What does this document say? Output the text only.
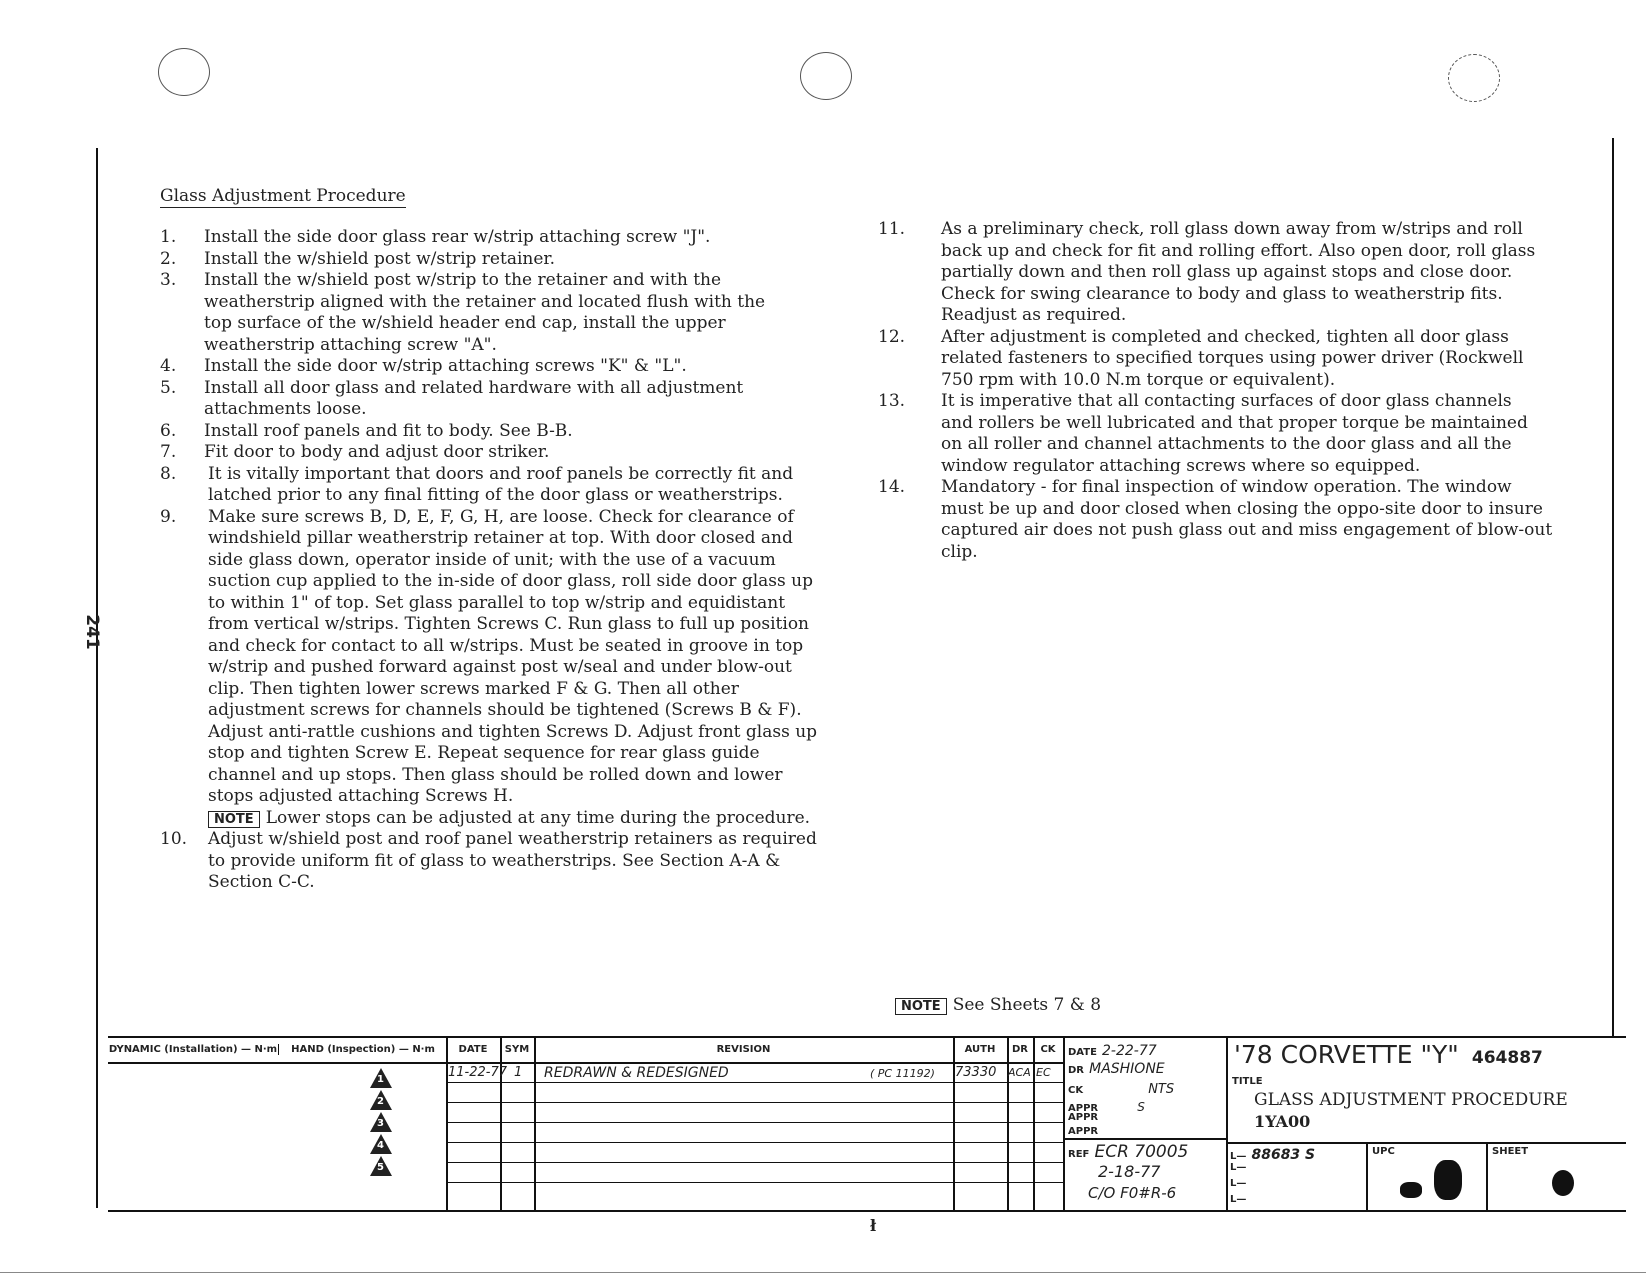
241
Glass Adjustment Procedure
1.	Install the side door glass rear w/strip attaching screw "J".
2.	Install the w/shield post w/strip retainer.
3.	Install the w/shield post w/strip to the retainer and with the weatherstrip aligned with the retainer and located flush with the top surface of the w/shield header end cap, install the upper weatherstrip attaching screw "A".
4.	Install the side door w/strip attaching screws "K" & "L".
5.	Install all door glass and related hardware with all adjustment attachments loose.
6.	Install roof panels and fit to body. See B-B.
7.	Fit door to body and adjust door striker.
8.	It is vitally important that doors and roof panels be correctly fit and latched prior to any final fitting of the door glass or weatherstrips.
9.	Make sure screws B, D, E, F, G, H, are loose. Check for clearance of windshield pillar weatherstrip retainer at top. With door closed and side glass down, operator inside of unit; with the use of a vacuum suction cup applied to the in-side of door glass, roll side door glass up to within 1" of top. Set glass parallel to top w/strip and equidistant from vertical w/strips. Tighten Screws C. Run glass to full up position and check for contact to all w/strips. Must be seated in groove in top w/strip and pushed forward against post w/seal and under blow-out clip. Then tighten lower screws marked F & G. Then all other adjustment screws for channels should be tightened (Screws B & F). Adjust anti-rattle cushions and tighten Screws D. Adjust front glass up stop and tighten Screw E. Repeat sequence for rear glass guide channel and up stops. Then glass should be rolled down and lower stops adjusted attaching Screws H.
NOTE Lower stops can be adjusted at any time during the procedure.
10.	Adjust w/shield post and roof panel weatherstrip retainers as required to provide uniform fit of glass to weatherstrips. See Section A-A & Section C-C.
11.	As a preliminary check, roll glass down away from w/strips and roll back up and check for fit and rolling effort. Also open door, roll glass partially down and then roll glass up against stops and close door. Check for swing clearance to body and glass to weatherstrip fits. Readjust as required.
12.	After adjustment is completed and checked, tighten all door glass related fasteners to specified torques using power driver (Rockwell 750 rpm with 10.0 N.m torque or equivalent).
13.	It is imperative that all contacting surfaces of door glass channels and rollers be well lubricated and that proper torque be maintained on all roller and channel attachments to the door glass and all the window regulator attaching screws where so equipped.
14.	Mandatory - for final inspection of window operation. The window must be up and door closed when closing the oppo-site door to insure captured air does not push glass out and miss engagement of blow-out clip.
NOTE See Sheets 7 & 8
DYNAMIC (Installation) — N·m	HAND (Inspection) — N·m	DATE	SYM	REVISION	AUTH	DR	CK
11-22-77 1 REDRAWN & REDESIGNED	( PC 11192) 73330 ACA EC
1
2
3
4
5
DATE 2-22-77
DR MASHIONE
CK	NTS
APPR	S
APPR
APPR
REF ECR 70005
2-18-77
C/O F0#R-6
'78 CORVETTE "Y" 464887
TITLE
GLASS ADJUSTMENT PROCEDURE
1YA00
L— 88683 S
L—
L—
L—
UPC	SHEET
ł
